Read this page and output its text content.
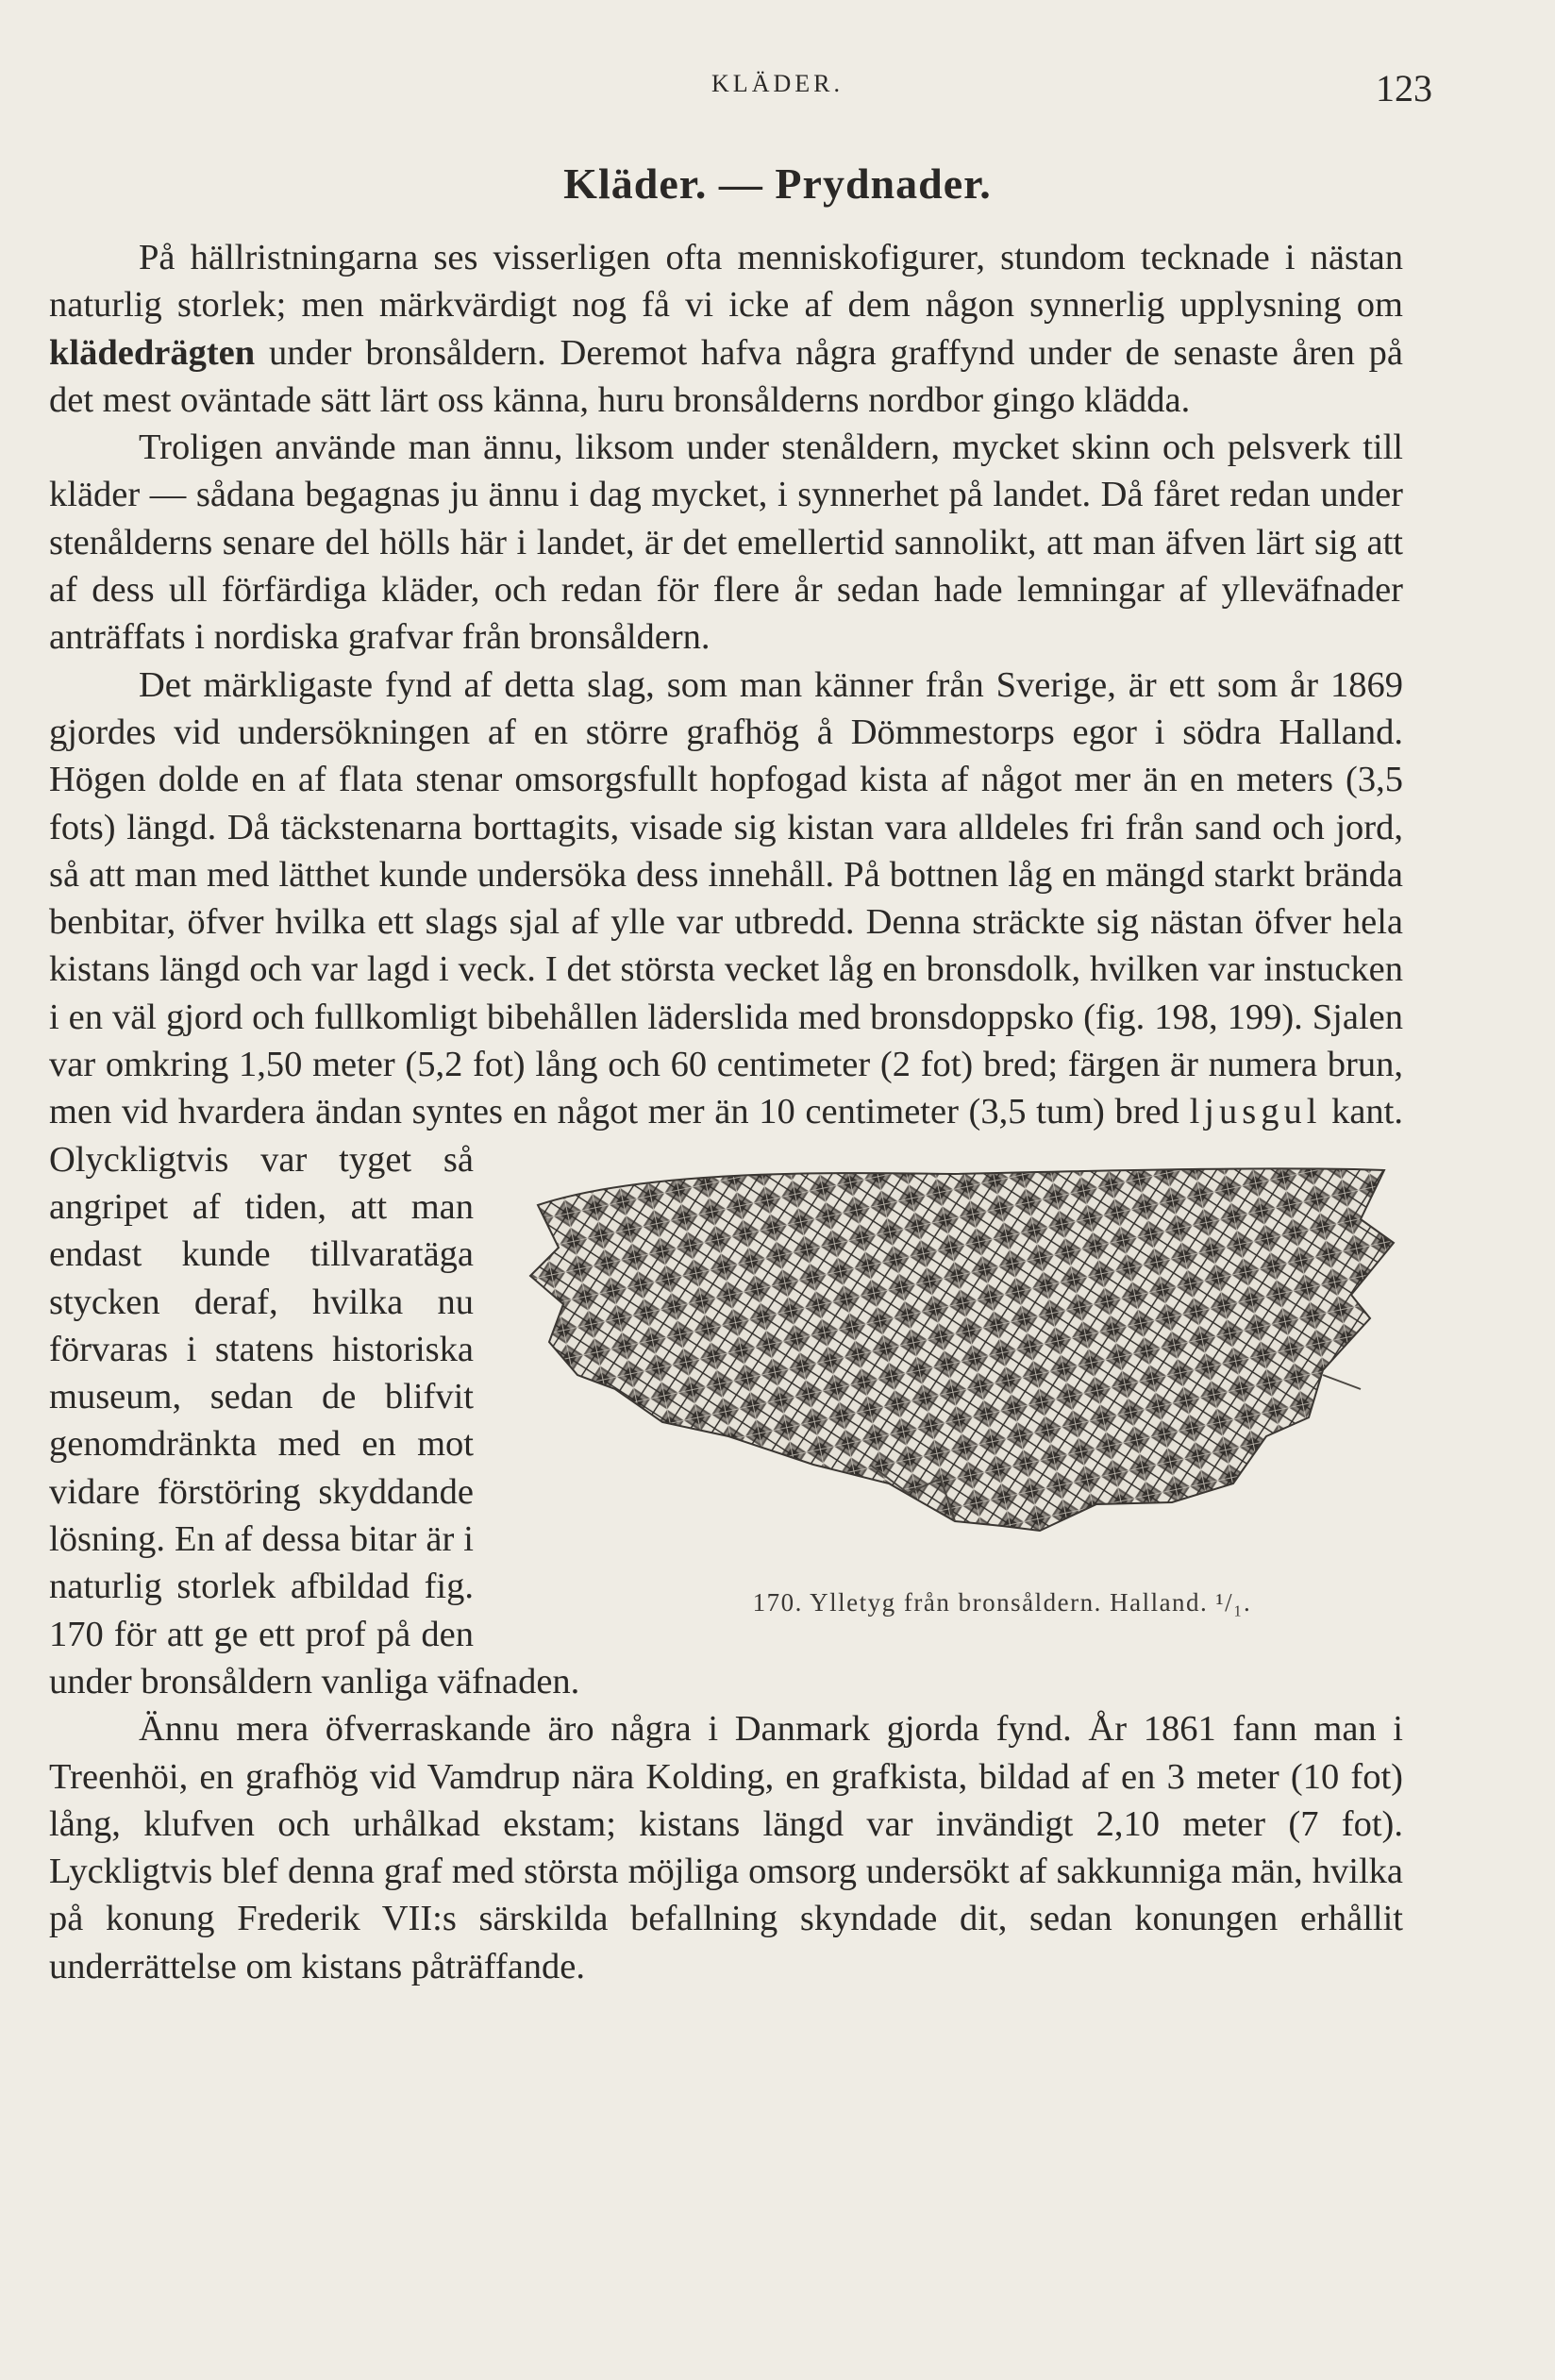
KLÄDER.	123
Kläder. — Prydnader.

På hällristningarna ses visserligen ofta menniskofigurer, stundom tecknade i nästan naturlig storlek; men märkvärdigt nog få vi icke af dem någon synnerlig upplysning om klädedrägten under bronsåldern. Deremot hafva några graffynd under de senaste åren på det mest oväntade sätt lärt oss känna, huru bronsålderns nordbor gingo klädda.

Troligen använde man ännu, liksom under stenåldern, mycket skinn och pelsverk till kläder — sådana begagnas ju ännu i dag mycket, i synnerhet på landet. Då fåret redan under stenålderns senare del hölls här i landet, är det emellertid sannolikt, att man äfven lärt sig att af dess ull förfärdiga kläder, och redan för flere år sedan hade lemningar af ylleväfnader anträffats i nordiska grafvar från bronsåldern.

Det märkligaste fynd af detta slag, som man känner från Sverige, är ett som år 1869 gjordes vid undersökningen af en större grafhög å Dömmestorps egor i södra Halland. Högen dolde en af flata stenar omsorgsfullt hopfogad kista af något mer än en meters (3,5 fots) längd. Då täckstenarna borttagits, visade sig kistan vara alldeles fri från sand och jord, så att man med lätthet kunde undersöka dess innehåll. På bottnen låg en mängd starkt brända benbitar, öfver hvilka ett slags sjal af ylle var utbredd. Denna sträckte sig nästan öfver hela kistans längd och var lagd i veck. I det största vecket låg en bronsdolk, hvilken var instucken i en väl gjord och fullkomligt bibehållen läderslida med bronsdoppsko (fig. 198, 199). Sjalen var omkring 1,50 meter (5,2 fot) lång och 60 centimeter (2 fot) bred; färgen är numera brun, men vid hvardera ändan syntes en något mer än 10 centimeter (3,5 tum) bred
170. Ylletyg från bronsåldern. Halland. ¹/₁.
ljusgul kant. Olyckligtvis var tyget så angripet af tiden, att man endast kunde tillvaratäga stycken deraf, hvilka nu förvaras i statens historiska museum, sedan de blifvit genomdränkta med en mot vidare förstöring skyddande lösning. En af dessa bitar är i naturlig storlek afbildad fig. 170 för att ge ett prof på den under bronsåldern vanliga väfnaden.

Ännu mera öfverraskande äro några i Danmark gjorda fynd. År 1861 fann man i Treenhöi, en grafhög vid Vamdrup nära Kolding, en grafkista, bildad af en 3 meter (10 fot) lång, klufven och urhålkad ekstam; kistans längd var invändigt 2,10 meter (7 fot). Lyckligtvis blef denna graf med största möjliga omsorg undersökt af sakkunniga män, hvilka på konung Frederik VII:s särskilda befallning skyndade dit, sedan konungen erhållit underrättelse om kistans påträffande.
